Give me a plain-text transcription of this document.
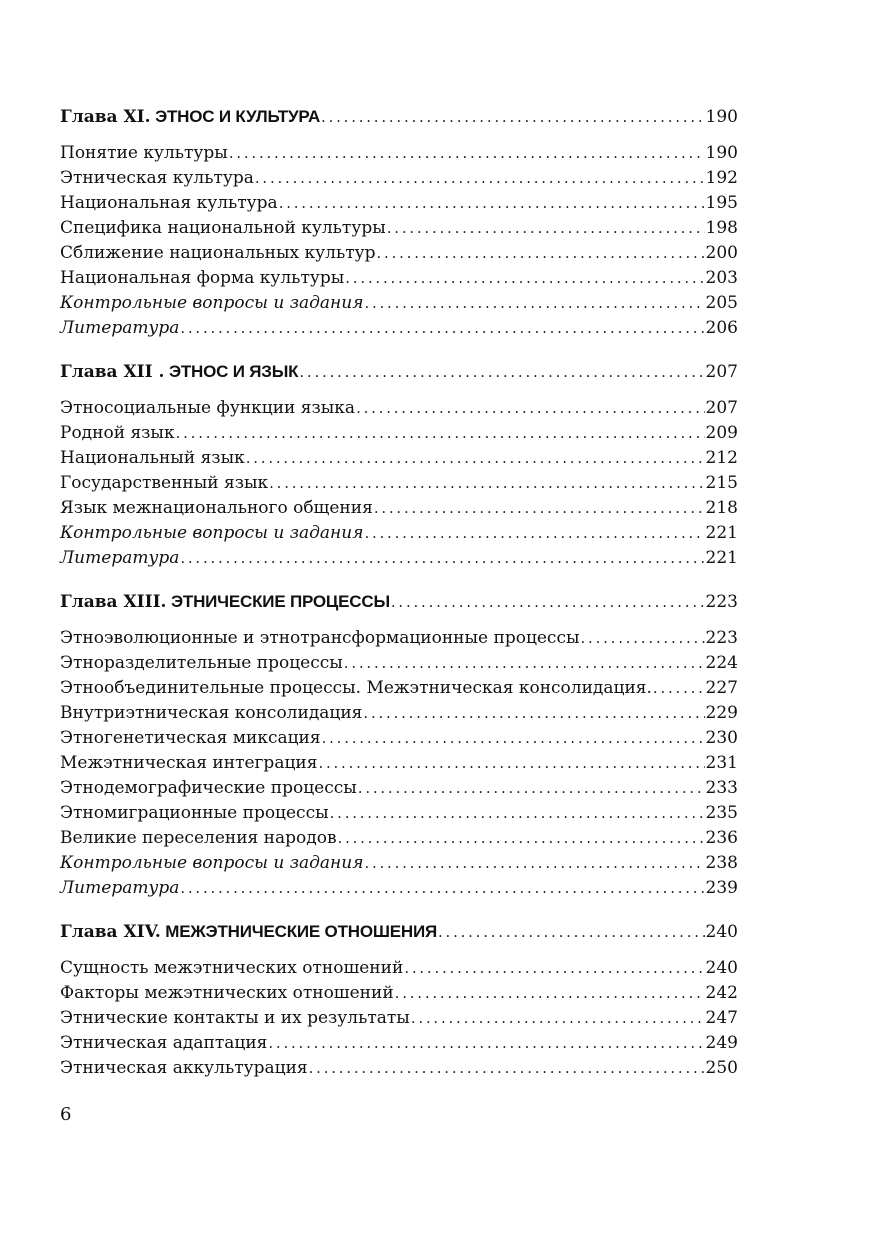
Глава XI. ЭТНОС И КУЛЬТУРА . . .	190
Понятие культуры . . .	190
Этническая культура . . .	192
Национальная культура . . .	195
Специфика национальной культуры . . .	198
Сближение национальных культур . . .	200
Национальная форма культуры . . .	203
Контрольные вопросы и задания . . .	205
Литература . . .	206
Глава XII . ЭТНОС И ЯЗЫК . . .	207
Этносоциальные функции языка . . .	207
Родной язык . . .	209
Национальный язык . . .	212
Государственный язык . . .	215
Язык межнационального общения . . .	218
Контрольные вопросы и задания . . .	221
Литература . . .	221
Глава XIII. ЭТНИЧЕСКИЕ ПРОЦЕССЫ . . .	223
Этноэволюционные и этнотрансформационные процессы . . .	223
Этноразделительные процессы . . .	224
Этнообъединительные процессы. Межэтническая консолидация. . . .	227
Внутриэтническая консолидация . . .	229
Этногенетическая миксация . . .	230
Межэтническая интеграция . . .	231
Этнодемографические процессы . . .	233
Этномиграционные процессы . . .	235
Великие переселения народов . . .	236
Контрольные вопросы и задания . . .	238
Литература . . .	239
Глава XIV. МЕЖЭТНИЧЕСКИЕ ОТНОШЕНИЯ . . .	240
Сущность межэтнических отношений . . .	240
Факторы межэтнических отношений . . .	242
Этнические контакты и их результаты . . .	247
Этническая адаптация . . .	249
Этническая аккультурация . . .	250
6
